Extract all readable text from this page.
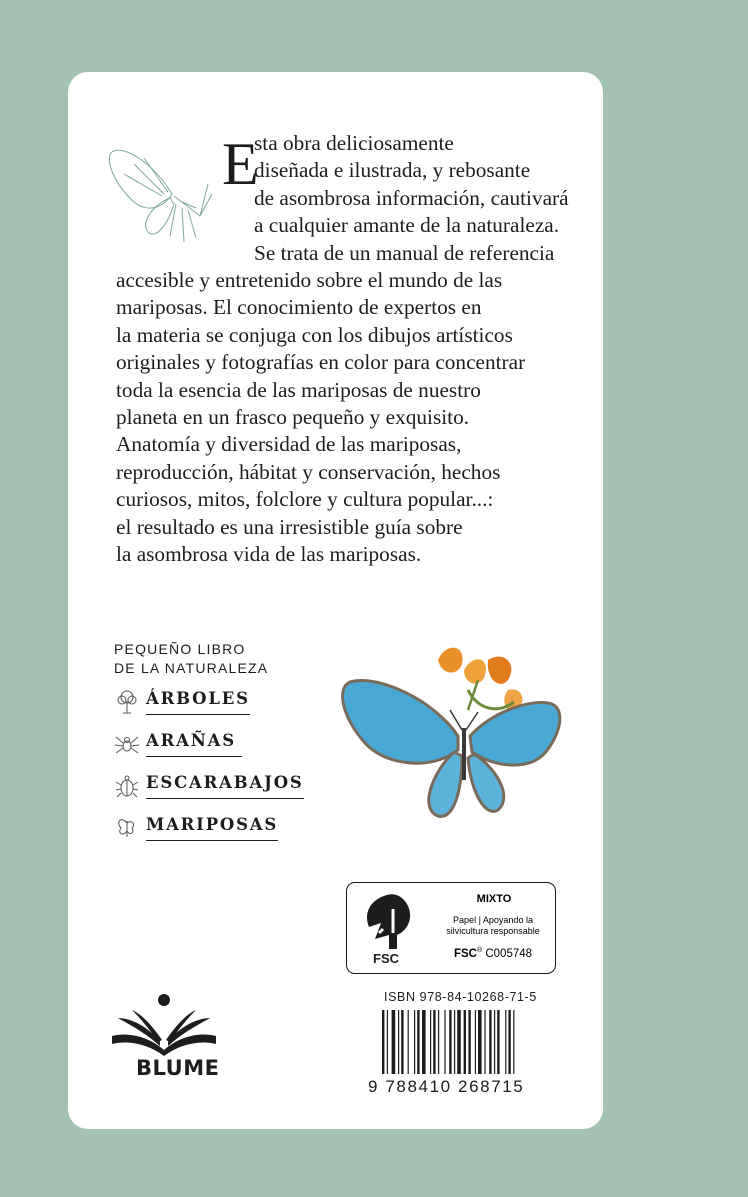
E
sta obra deliciosamente
diseñada e ilustrada, y rebosante
de asombrosa información, cautivará
a cualquier amante de la naturaleza.
Se trata de un manual de referencia
accesible y entretenido sobre el mundo de las
mariposas. El conocimiento de expertos en
la materia se conjuga con los dibujos artísticos
originales y fotografías en color para concentrar
toda la esencia de las mariposas de nuestro
planeta en un frasco pequeño y exquisito.
Anatomía y diversidad de las mariposas,
reproducción, hábitat y conservación, hechos
curiosos, mitos, folclore y cultura popular...:
el resultado es una irresistible guía sobre
la asombrosa vida de las mariposas.

PEQUEÑO LIBRO

DE LA NATURALEZA

ÁRBOLES
ARAÑAS
ESCARABAJOS
MARIPOSAS
FSC
MIXTO
Papel | Apoyando la
silvicultura responsable
FSC® C005748
ISBN 978-84-10268-71-5
9 788410 268715
BLUME
